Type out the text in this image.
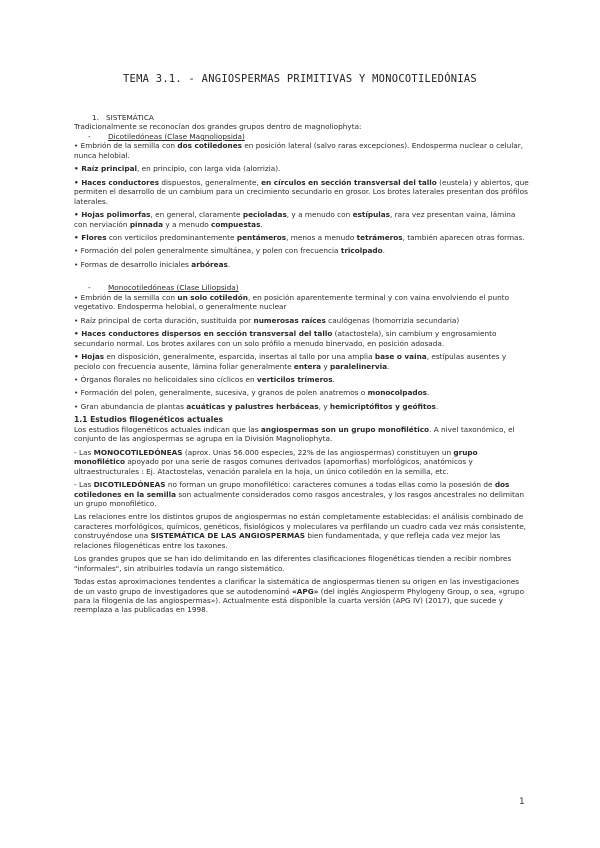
TEMA 3.1. - ANGIOSPERMAS PRIMITIVAS Y MONOCOTILEDÓNIAS

1. SISTEMÁTICA

Tradicionalmente se reconocían dos grandes grupos dentro de magnoliophyta:

- Dicotiledóneas (Clase Magnoliopsida)

• Embrión de la semilla con dos cotiledones en posición lateral (salvo raras excepciones). Endosperma nuclear o celular, nunca helobial.

• Raíz principal, en principio, con larga vida (alorrizia).

• Haces conductores dispuestos, generalmente, en círculos en sección transversal del tallo (eustela) y abiertos, que permiten el desarrollo de un cambium para un crecimiento secundario en grosor. Los brotes laterales presentan dos prófilos laterales.

• Hojas polimorfas, en general, claramente pecioladas, y a menudo con estípulas, rara vez presentan vaina, lámina con nerviación pinnada y a menudo compuestas.

• Flores con verticilos predominantemente pentámeros, menos a menudo tetrámeros, también aparecen otras formas.

• Formación del polen generalmente simultánea, y polen con frecuencia tricolpado.

• Formas de desarrollo iniciales arbóreas.

- Monocotiledóneas (Clase Liliopsida)

• Embrión de la semilla con un solo cotiledón, en posición aparentemente terminal y con vaina envolviendo el punto vegetativo. Endosperma helobial, o generalmente nuclear

• Raíz principal de corta duración, sustituida por numerosas raíces caulógenas (homorrizia secundaria)

• Haces conductores dispersos en sección transversal del tallo (atactostela), sin cambium y engrosamiento secundario normal. Los brotes axilares con un solo prófilo a menudo binervado, en posición adosada.

• Hojas en disposición, generalmente, esparcida, insertas al tallo por una amplia base o vaina, estípulas ausentes y peciolo con frecuencia ausente, lámina foliar generalmente entera y paralelinervia.

• Órganos florales no helicoidales sino cíclicos en verticilos trímeros.

• Formación del polen, generalmente, sucesiva, y granos de polen anatremos o monocolpados.

• Gran abundancia de plantas acuáticas y palustres herbáceas, y hemicriptófitos y geófitos.

1.1 Estudios filogenéticos actuales

Los estudios filogenéticos actuales indican que las angiospermas son un grupo monofilético. A nivel taxonómico, el conjunto de las angiospermas se agrupa en la División Magnoliophyta.

- Las MONOCOTILEDÓNEAS (aprox. Unas 56.000 especies, 22% de las angiospermas) constituyen un grupo monofilético apoyado por una serie de rasgos comunes derivados (apomorfias) morfológicos, anatómicos y ultraestructurales : Ej. Atactostelas, venación paralela en la hoja, un único cotiledón en la semilla, etc.

- Las DICOTILEDÓNEAS no forman un grupo monofilético: caracteres comunes a todas ellas como la posesión de dos cotiledones en la semilla son actualmente considerados como rasgos ancestrales, y los rasgos ancestrales no delimitan un grupo monofilético.

Las relaciones entre los distintos grupos de angiospermas no están completamente establecidas: el análisis combinado de caracteres morfológicos, químicos, genéticos, fisiológicos y moleculares va perfilando un cuadro cada vez más consistente, construyéndose una SISTEMÁTICA DE LAS ANGIOSPERMAS bien fundamentada, y que refleja cada vez mejor las relaciones filogenéticas entre los taxones.

Los grandes grupos que se han ido delimitando en las diferentes clasificaciones filogenéticas tienden a recibir nombres "informales", sin atribuirles todavía un rango sistemático.

Todas estas aproximaciones tendentes a clarificar la sistemática de angiospermas tienen su origen en las investigaciones de un vasto grupo de investigadores que se autodenominó «APG» (del inglés Angiosperm Phylogeny Group, o sea, «grupo para la filogenia de las angiospermas»). Actualmente está disponible la cuarta versión (APG IV) (2017), que sucede y reemplaza a las publicadas en 1998.

1
